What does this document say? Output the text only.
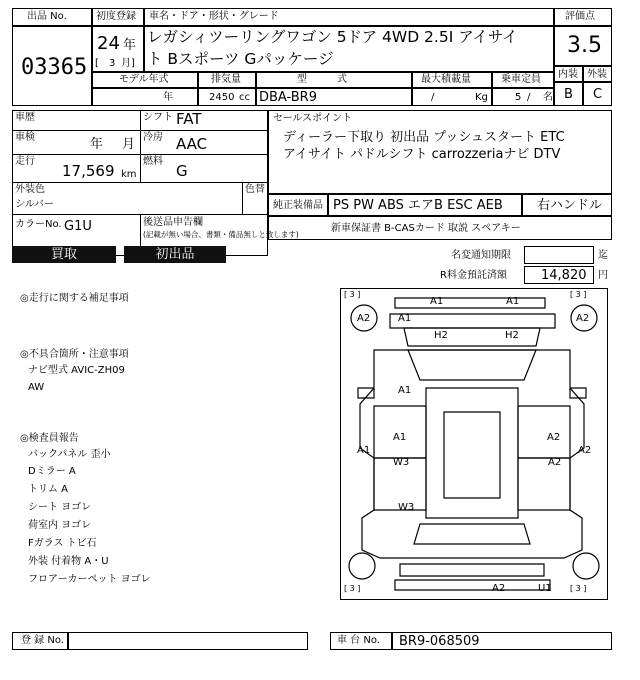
出品 No.
03365
初度登録
24 年
[ 3 月]
車名・ドア・形状・グレード
レガシィツーリングワゴン 5ドア 4WD 2.5I アイサイ
ト Bスポーツ Gパッケージ
評価点
3.5
内装 外装
B C
モデル年式	排気量	型　　　式	最大積載量	乗車定員
年	2450 cc DBA-BR9	/	Kg	5 / 名
車歴	シフト FAT
車検	年 月 冷房 AAC
走行
17,569 km
燃料
G
外装色
シルバー
色替
カラーNo. G1U	後送品申告欄
(記載が無い場合、書類・備品無しと致します)
セールスポイント
ディーラー下取り 初出品 プッシュスタート ETC
アイサイト パドルシフト carrozzeriaナビ DTV
純正装備品 PS PW ABS エアB ESC AEB	右ハンドル
新車保証書 B-CASカード 取説 スペアキー
買取	初出品	名変通知期限	迄
R料金預託済額	14,820 円
◎走行に関する補足事項
◎不具合箇所・注意事項
ナビ型式 AVIC-ZH09
AW
◎検査員報告
バックパネル 歪小
Dミラー A
トリム A
シート ヨゴレ
荷室内 ヨゴレ
Fガラス トビ石
外装 付着物 A・U
フロアーカーペット ヨゴレ
[ 3 ]	[ 3 ]
[ 3 ]	[ 3 ]
A1	A1
A1
H2	H2
A2	A2
A1
A1
A1
W3
A2
A2
W3
A2
A2	U1
登 録 No.	車 台 No. BR9-068509
